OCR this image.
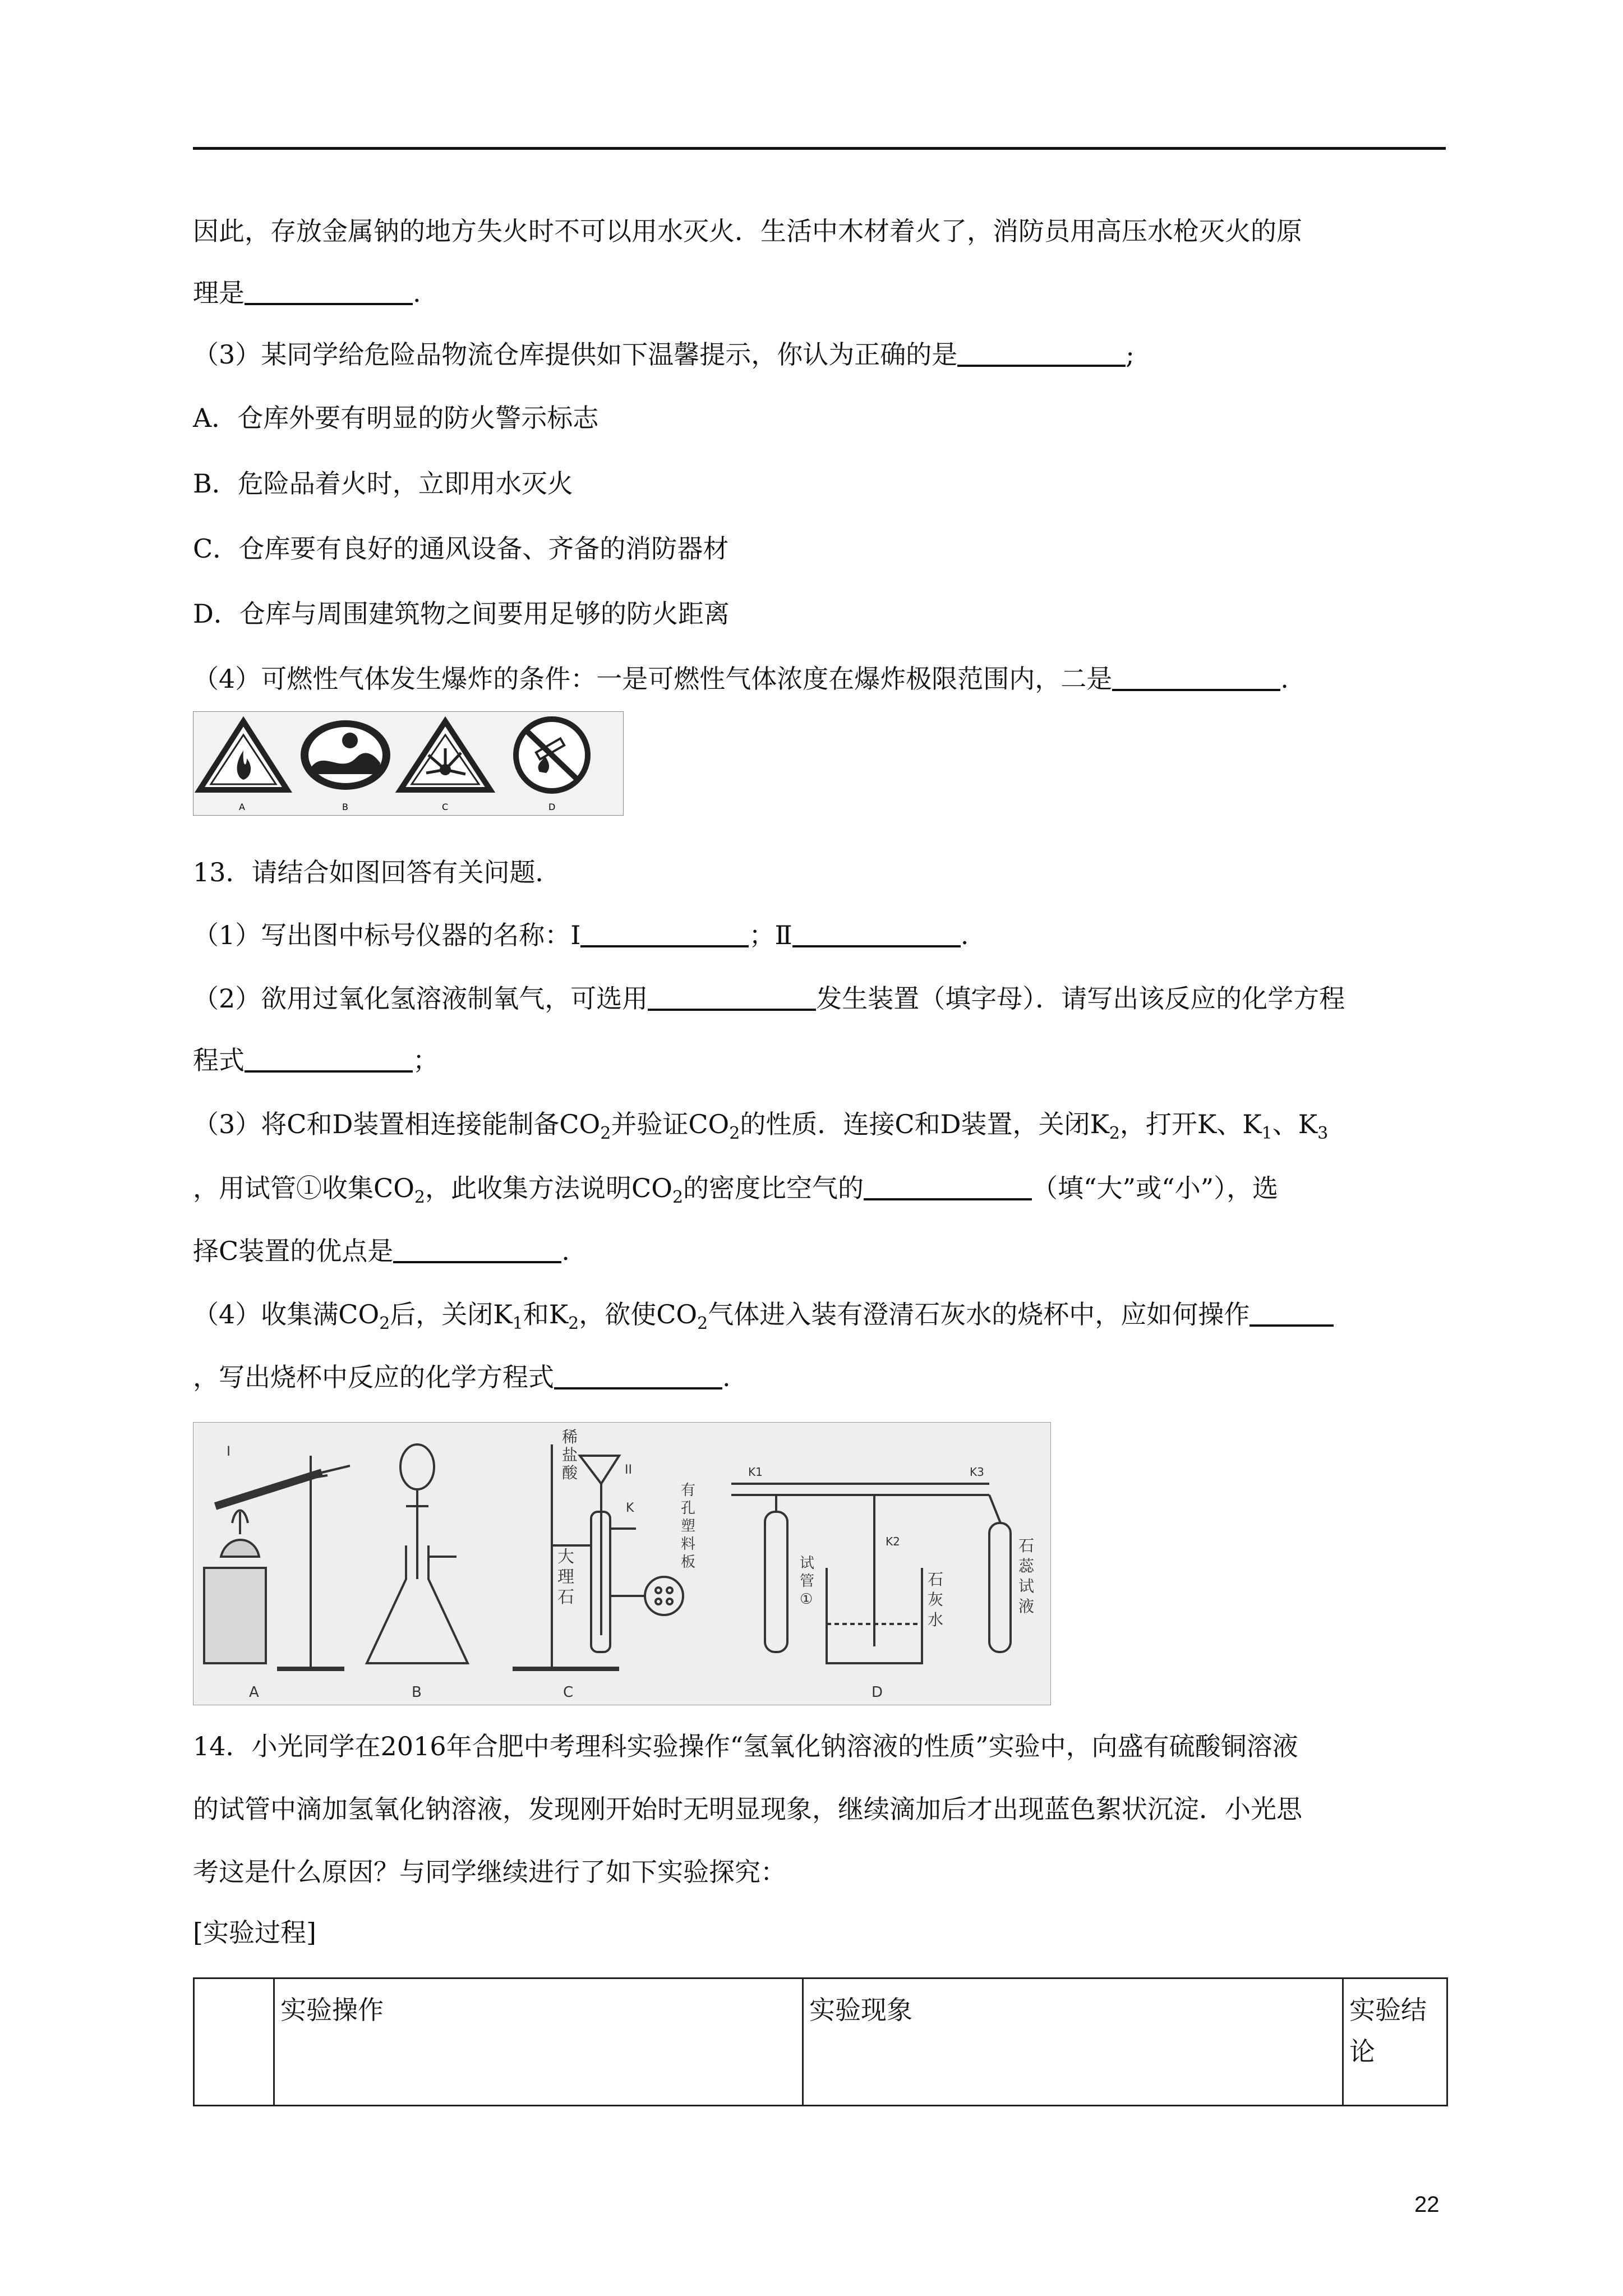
因此，存放金属钠的地方失火时不可以用水灭火．生活中木材着火了，消防员用高压水枪灭火的原
理是	.
（3）某同学给危险品物流仓库提供如下温馨提示，你认为正确的是	;
A．仓库外要有明显的防火警示标志
B．危险品着火时，立即用水灭火
C．仓库要有良好的通风设备、齐备的消防器材
D．仓库与周围建筑物之间要用足够的防火距离
（4）可燃性气体发生爆炸的条件：一是可燃性气体浓度在爆炸极限范围内，二是	.
A	B	C	D
13．请结合如图回答有关问题．
（1）写出图中标号仪器的名称：Ⅰ	；Ⅱ	.
（2）欲用过氧化氢溶液制氧气，可选用	发生装置（填字母）．请写出该反应的化学方程
程式	；
（3）将C和D装置相连接能制备$CO_2$并验证$CO_2$的性质．连接C和D装置，关闭$K_2$，打开K、$K_1$、$K_3$
，用试管①收集$CO_2$，此收集方法说明$CO_2$的密度比空气的	（填“大”或“小”），选
择C装置的优点是	.
（4）收集满$CO_2$后，关闭$K_1$和$K_2$，欲使$CO_2$气体进入装有澄清石灰水的烧杯中，应如何操作
，写出烧杯中反应的化学方程式	.
I
A	B
稀
盐
酸	II
K
大
理
石
有
孔
塑
料
板
C
K1
K2
K3
试
管
①
石
灰
水
石
蕊
试
液
D
14．小光同学在2016年合肥中考理科实验操作“氢氧化钠溶液的性质”实验中，向盛有硫酸铜溶液
的试管中滴加氢氧化钠溶液，发现刚开始时无明显现象，继续滴加后才出现蓝色絮状沉淀．小光思
考这是什么原因？与同学继续进行了如下实验探究：
[实验过程]
	实验操作	实验现象	实验结论
22
